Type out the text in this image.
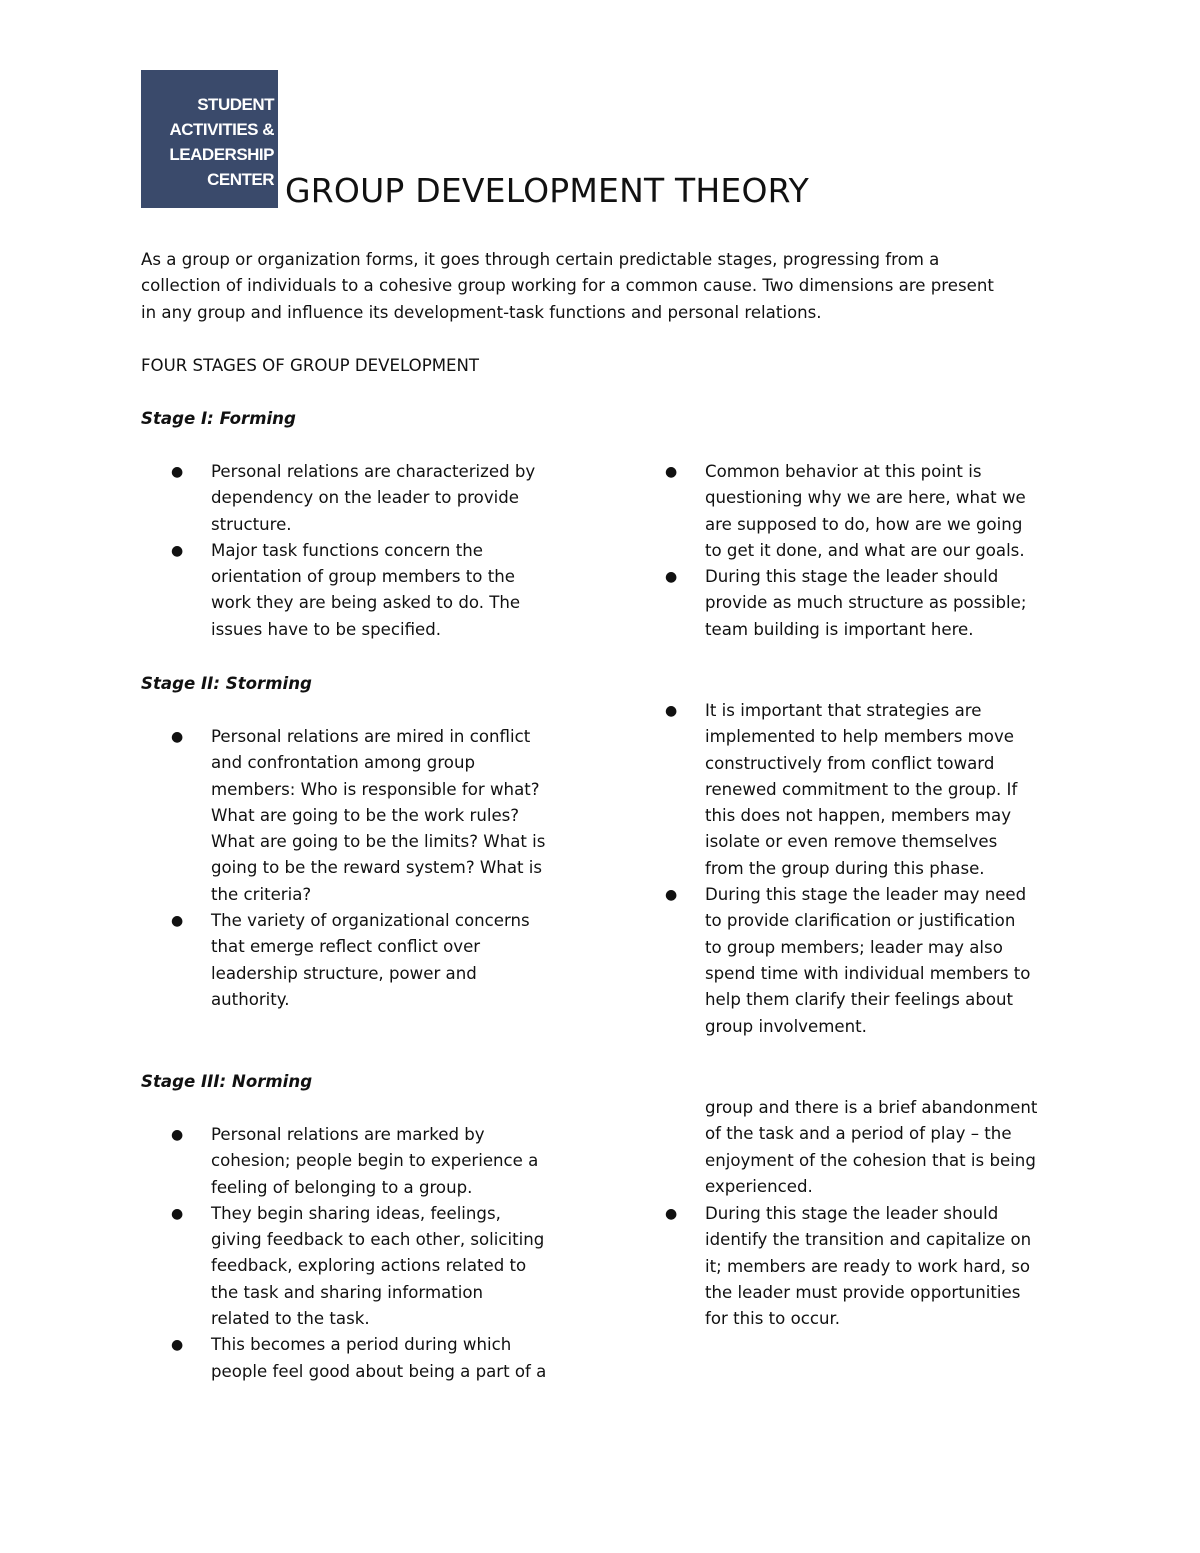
STUDENT
ACTIVITIES &
LEADERSHIP
CENTER GROUP DEVELOPMENT THEORY

As a group or organization forms, it goes through certain predictable stages, progressing from a
collection of individuals to a cohesive group working for a common cause. Two dimensions are present
in any group and influence its development-task functions and personal relations.

FOUR STAGES OF GROUP DEVELOPMENT
Stage I: Forming
● Personal relations are characterized by
dependency on the leader to provide
structure.
● Major task functions concern the
orientation of group members to the
work they are being asked to do. The
issues have to be specified.
● Common behavior at this point is
questioning why we are here, what we
are supposed to do, how are we going
to get it done, and what are our goals.
● During this stage the leader should
provide as much structure as possible;
team building is important here.
Stage II: Storming
● Personal relations are mired in conflict
and confrontation among group
members: Who is responsible for what?
What are going to be the work rules?
What are going to be the limits? What is
going to be the reward system? What is
the criteria?
● The variety of organizational concerns
that emerge reflect conflict over
leadership structure, power and
authority.
● It is important that strategies are
implemented to help members move
constructively from conflict toward
renewed commitment to the group. If
this does not happen, members may
isolate or even remove themselves
from the group during this phase.
● During this stage the leader may need
to provide clarification or justification
to group members; leader may also
spend time with individual members to
help them clarify their feelings about
group involvement.
Stage III: Norming
● Personal relations are marked by
cohesion; people begin to experience a
feeling of belonging to a group.
● They begin sharing ideas, feelings,
giving feedback to each other, soliciting
feedback, exploring actions related to
the task and sharing information
related to the task.
● This becomes a period during which
people feel good about being a part of a
group and there is a brief abandonment
of the task and a period of play – the
enjoyment of the cohesion that is being
experienced.
● During this stage the leader should
identify the transition and capitalize on
it; members are ready to work hard, so
the leader must provide opportunities
for this to occur.
